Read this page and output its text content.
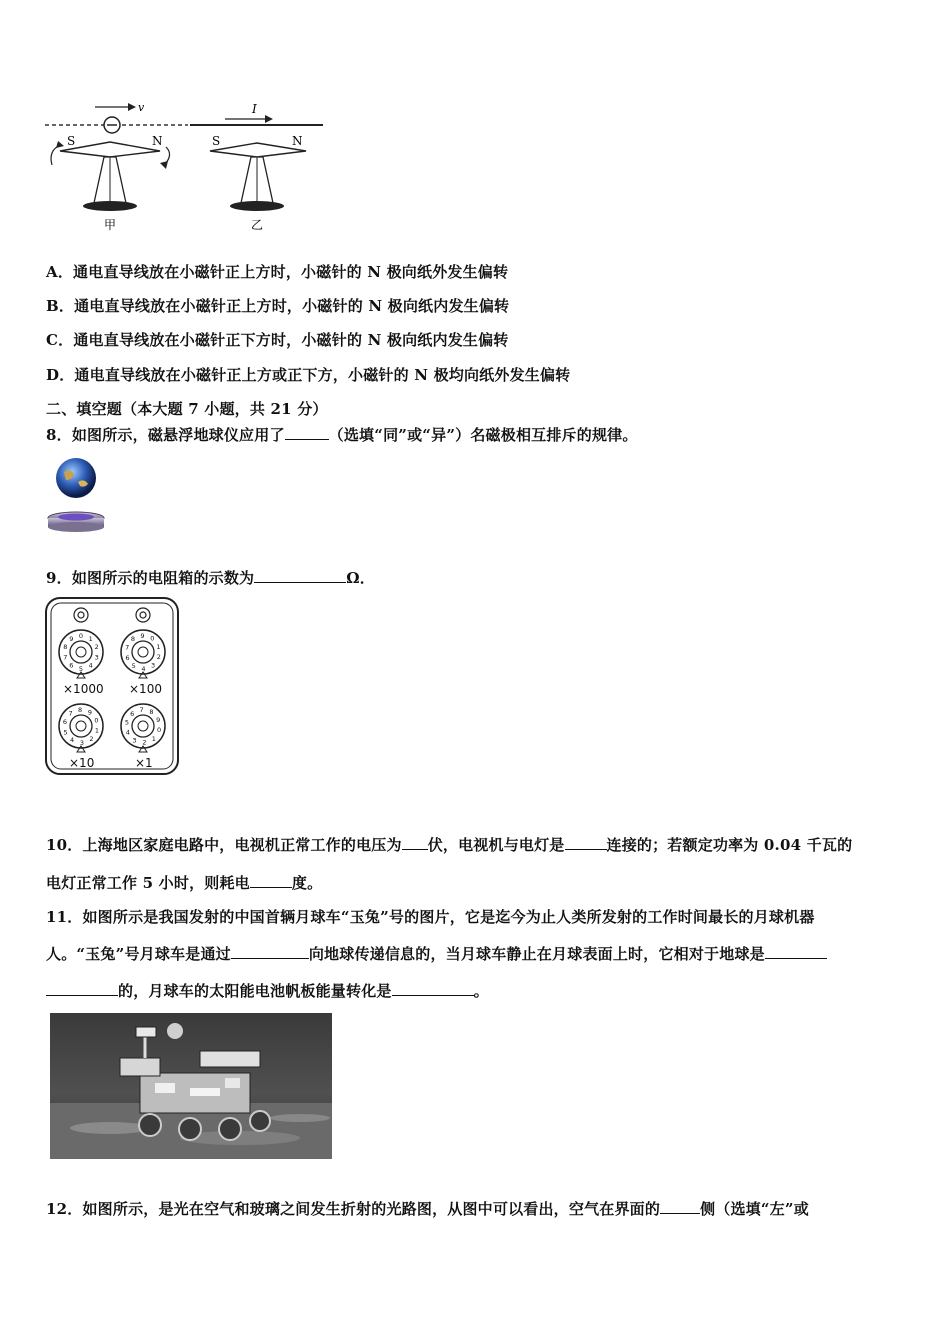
v	I
S	N
甲
S	N
乙
A．通电直导线放在小磁针正上方时，小磁针的 N 极向纸外发生偏转
B．通电直导线放在小磁针正上方时，小磁针的 N 极向纸内发生偏转
C．通电直导线放在小磁针正下方时，小磁针的 N 极向纸内发生偏转
D．通电直导线放在小磁针正上方或正下方，小磁针的 N 极均向纸外发生偏转
二、填空题（本大题 7 小题，共 21 分）
8．如图所示，磁悬浮地球仪应用了	（选填“同”或“异”）名磁极相互排斥的规律。
9．如图所示的电阻箱的示数为	Ω．
0 1
2
3
4
5
6
7
8
9	0
1
2
3
4
5
6
7
8 9
0
1
2
3
4
5
6
7 8 9
0
1
2
3
4
5
6 7 8
9
×1000 ×100
×10	×1
10．上海地区家庭电路中，电视机正常工作的电压为 伏，电视机与电灯是	连接的；若额定功率为 0.04 千瓦的
电灯正常工作 5 小时，则耗电	度。
11．如图所示是我国发射的中国首辆月球车“玉兔”号的图片，它是迄今为止人类所发射的工作时间最长的月球机器
人。“玉兔”号月球车是通过	向地球传递信息的，当月球车静止在月球表面上时，它相对于地球是
的，月球车的太阳能电池帆板能量转化是	。
12．如图所示，是光在空气和玻璃之间发生折射的光路图，从图中可以看出，空气在界面的	侧（选填“左”或
